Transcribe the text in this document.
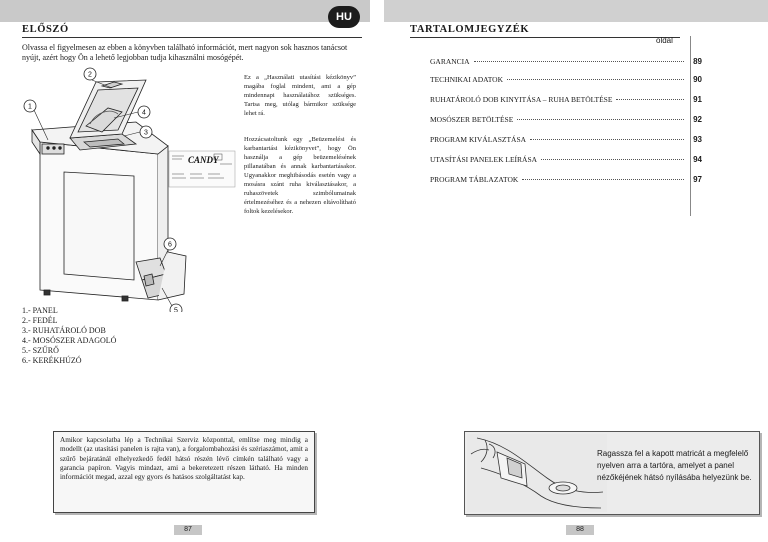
ELŐSZÓ
HU
Olvassa el figyelmesen az ebben a könyvben található információt, mert nagyon sok hasznos tanácsot nyújt, azért hogy Ön a lehető legjobban tudja kihasználni mosógépét.
1
2
3
4
5
6
CANDY
Ez a „Használati utasítási kézikönyv” magába foglal mindent, ami a gép mindennapi használatához szükséges. Tartsa meg, utólag bármikor szüksége lehet rá.
Hozzácsatoltunk egy „Beüzemelési és karbantartási kézikönyvet”, hogy Ön használja a gép beüzemelésének pillanatában és annak karbantartásakor. Ugyanakkor meghibásodás esetén vagy a mosásra szánt ruha kiválasztásakor, a ruhaszövetek szimbólumainak értelmezéséhez és a nehezen eltávolítható foltok kezelésekor.
1.- PANEL
2.- FEDÉL
3.- RUHATÁROLÓ DOB
4.- MOSÓSZER ADAGOLÓ
5.- SZŰRŐ
6.- KERÉKHÚZÓ
Amikor kapcsolatba lép a Technikai Szerviz központtal, említse meg mindig a modellt (az utasítási panelen is rajta van), a forgalombahozási és szériaszámot, amit a szűrő bejáratánál elhelyezkedő fedél hátsó részén lévő címkén található vagy a garancia papíron. Vagyis mindazt, ami a bekeretezett részen látható. Ha minden információt megad, azzal egy gyors és hatásos szolgáltatást kap.
87
TARTALOMJEGYZÉK
oldal
GARANCIA	89
TECHNIKAI ADATOK	90
RUHATÁROLÓ DOB KINYITÁSA – RUHA BETÖLTÉSE	91
MOSÓSZER BETÖLTÉSE	92
PROGRAM KIVÁLASZTÁSA	93
UTASÍTÁSI PANELEK LEÍRÁSA	94
PROGRAM TÁBLAZATOK	97
Ragassza fel a kapott matricát a megfelelő nyelven arra a tartóra, amelyet a panel nézőkéjének hátsó nyílásába helyezünk be.
88
